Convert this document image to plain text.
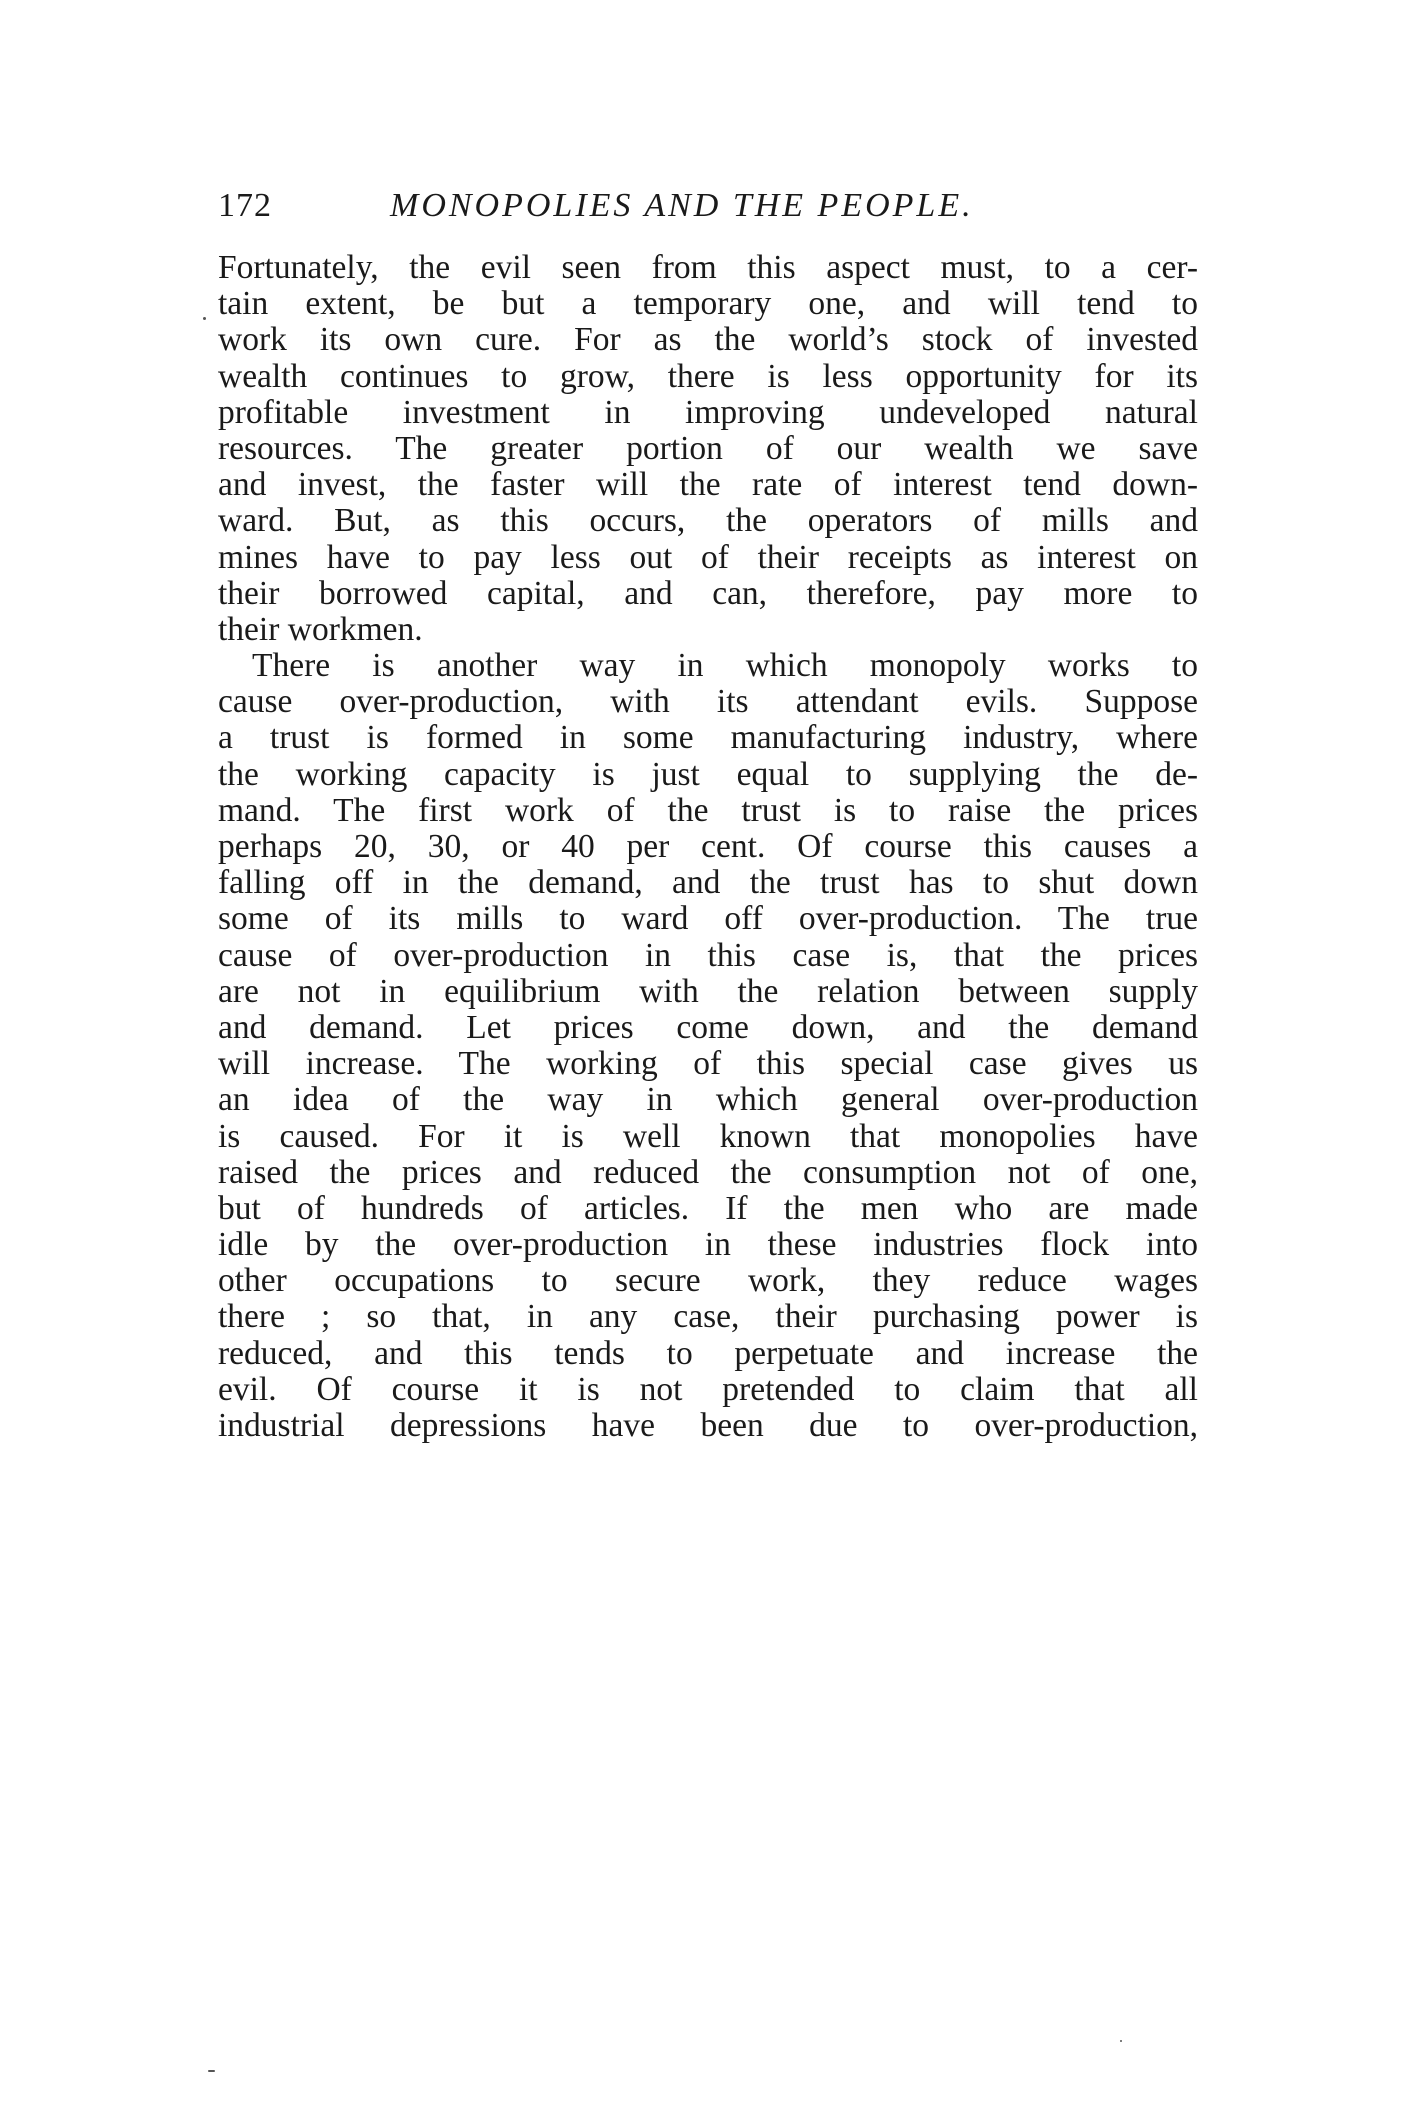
172	MONOPOLIES AND THE PEOPLE.
Fortunately, the evil seen from this aspect must, to a cer-
tain extent, be but a temporary one, and will tend to
work its own cure. For as the world’s stock of invested
wealth continues to grow, there is less opportunity for its
profitable investment in improving undeveloped natural
resources. The greater portion of our wealth we save
and invest, the faster will the rate of interest tend down-
ward. But, as this occurs, the operators of mills and
mines have to pay less out of their receipts as interest on
their borrowed capital, and can, therefore, pay more to
their workmen.
There is another way in which monopoly works to
cause over-production, with its attendant evils. Suppose
a trust is formed in some manufacturing industry, where
the working capacity is just equal to supplying the de-
mand. The first work of the trust is to raise the prices
perhaps 20, 30, or 40 per cent. Of course this causes a
falling off in the demand, and the trust has to shut down
some of its mills to ward off over-production. The true
cause of over-production in this case is, that the prices
are not in equilibrium with the relation between supply
and demand. Let prices come down, and the demand
will increase. The working of this special case gives us
an idea of the way in which general over-production
is caused. For it is well known that monopolies have
raised the prices and reduced the consumption not of one,
but of hundreds of articles. If the men who are made
idle by the over-production in these industries flock into
other occupations to secure work, they reduce wages
there ; so that, in any case, their purchasing power is
reduced, and this tends to perpetuate and increase the
evil. Of course it is not pretended to claim that all
industrial depressions have been due to over-production,
